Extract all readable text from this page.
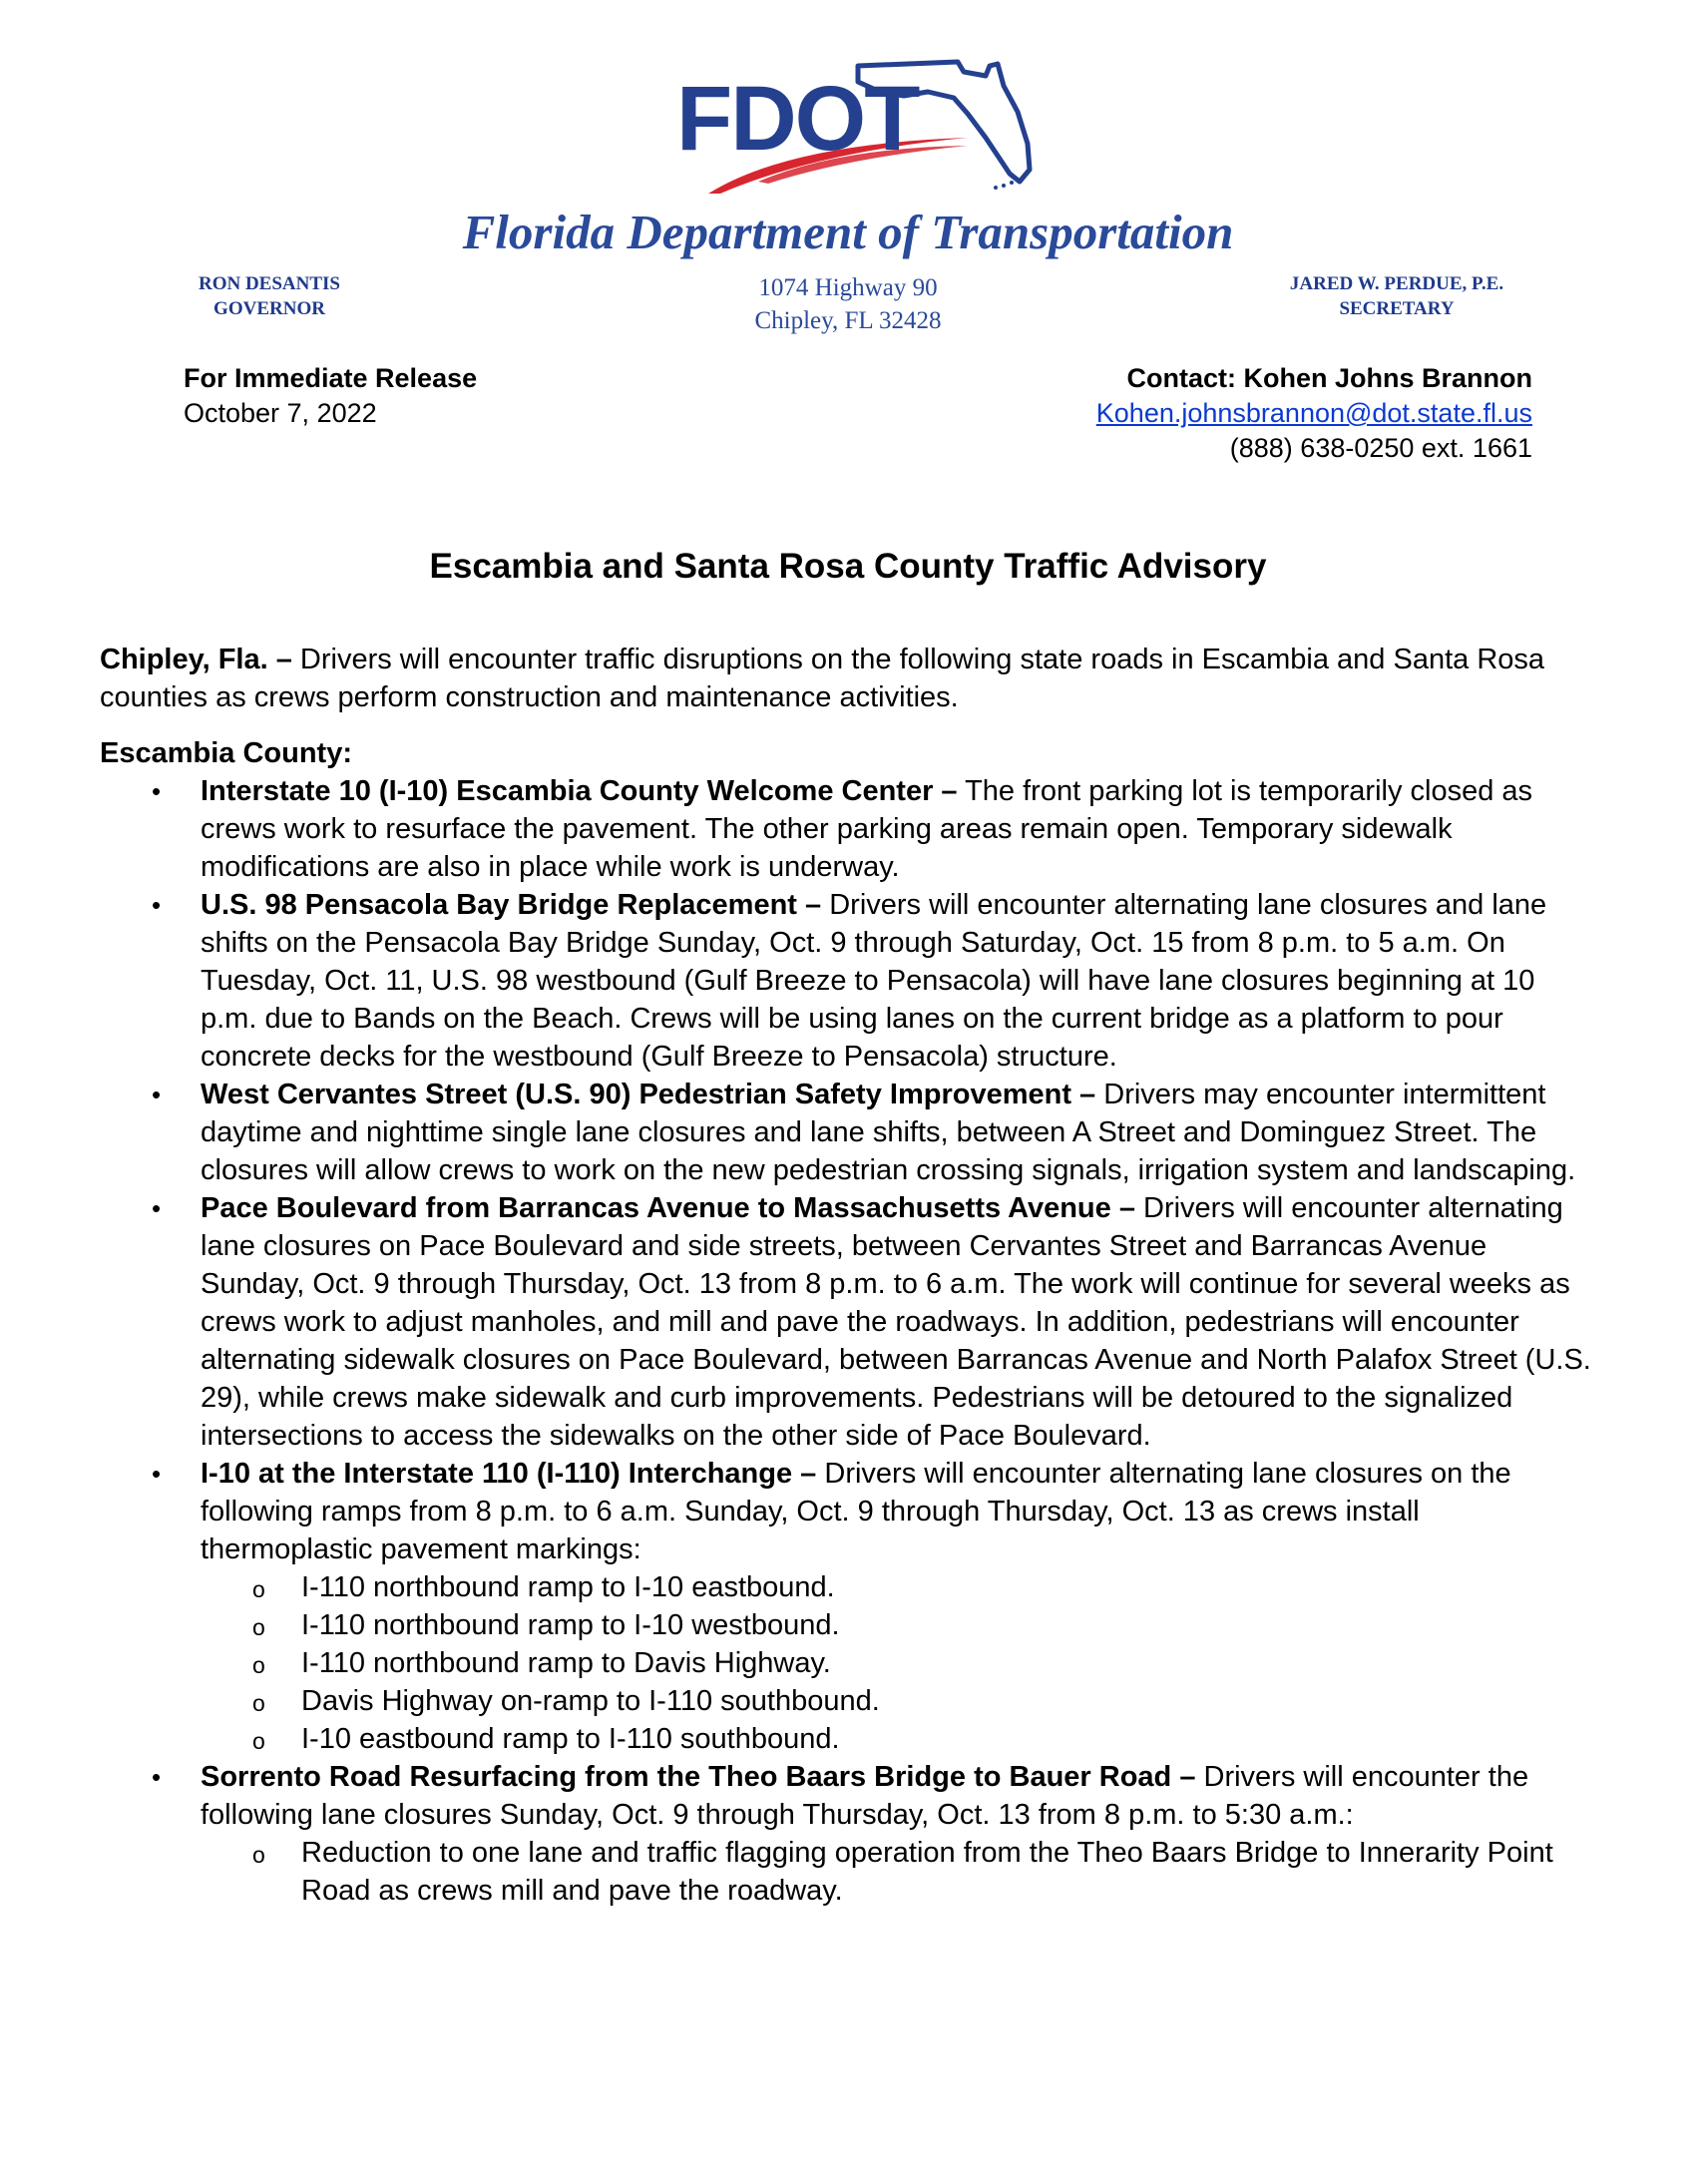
FDOT
Florida Department of Transportation
RON DESANTIS
GOVERNOR
1074 Highway 90
Chipley, FL 32428
JARED W. PERDUE, P.E.
SECRETARY
For Immediate Release
October 7, 2022
Contact: Kohen Johns Brannon
Kohen.johnsbrannon@dot.state.fl.us
(888) 638-0250 ext. 1661
Escambia and Santa Rosa County Traffic Advisory

Chipley, Fla. – Drivers will encounter traffic disruptions on the following state roads in Escambia and Santa Rosa counties as crews perform construction and maintenance activities.

Escambia County:
• Interstate 10 (I-10) Escambia County Welcome Center – The front parking lot is temporarily closed as crews work to resurface the pavement. The other parking areas remain open. Temporary sidewalk modifications are also in place while work is underway.
• U.S. 98 Pensacola Bay Bridge Replacement – Drivers will encounter alternating lane closures and lane shifts on the Pensacola Bay Bridge Sunday, Oct. 9 through Saturday, Oct. 15 from 8 p.m. to 5 a.m. On Tuesday, Oct. 11, U.S. 98 westbound (Gulf Breeze to Pensacola) will have lane closures beginning at 10 p.m. due to Bands on the Beach. Crews will be using lanes on the current bridge as a platform to pour concrete decks for the westbound (Gulf Breeze to Pensacola) structure.
• West Cervantes Street (U.S. 90) Pedestrian Safety Improvement – Drivers may encounter intermittent daytime and nighttime single lane closures and lane shifts, between A Street and Dominguez Street. The closures will allow crews to work on the new pedestrian crossing signals, irrigation system and landscaping.
• Pace Boulevard from Barrancas Avenue to Massachusetts Avenue – Drivers will encounter alternating lane closures on Pace Boulevard and side streets, between Cervantes Street and Barrancas Avenue Sunday, Oct. 9 through Thursday, Oct. 13 from 8 p.m. to 6 a.m. The work will continue for several weeks as crews work to adjust manholes, and mill and pave the roadways. In addition, pedestrians will encounter alternating sidewalk closures on Pace Boulevard, between Barrancas Avenue and North Palafox Street (U.S. 29), while crews make sidewalk and curb improvements. Pedestrians will be detoured to the signalized intersections to access the sidewalks on the other side of Pace Boulevard.
• I-10 at the Interstate 110 (I-110) Interchange – Drivers will encounter alternating lane closures on the following ramps from 8 p.m. to 6 a.m. Sunday, Oct. 9 through Thursday, Oct. 13 as crews install thermoplastic pavement markings:
o I-110 northbound ramp to I-10 eastbound.
o I-110 northbound ramp to I-10 westbound.
o I-110 northbound ramp to Davis Highway.
o Davis Highway on-ramp to I-110 southbound.
o I-10 eastbound ramp to I-110 southbound.
• Sorrento Road Resurfacing from the Theo Baars Bridge to Bauer Road – Drivers will encounter the following lane closures Sunday, Oct. 9 through Thursday, Oct. 13 from 8 p.m. to 5:30 a.m.:
o Reduction to one lane and traffic flagging operation from the Theo Baars Bridge to Innerarity Point Road as crews mill and pave the roadway.
